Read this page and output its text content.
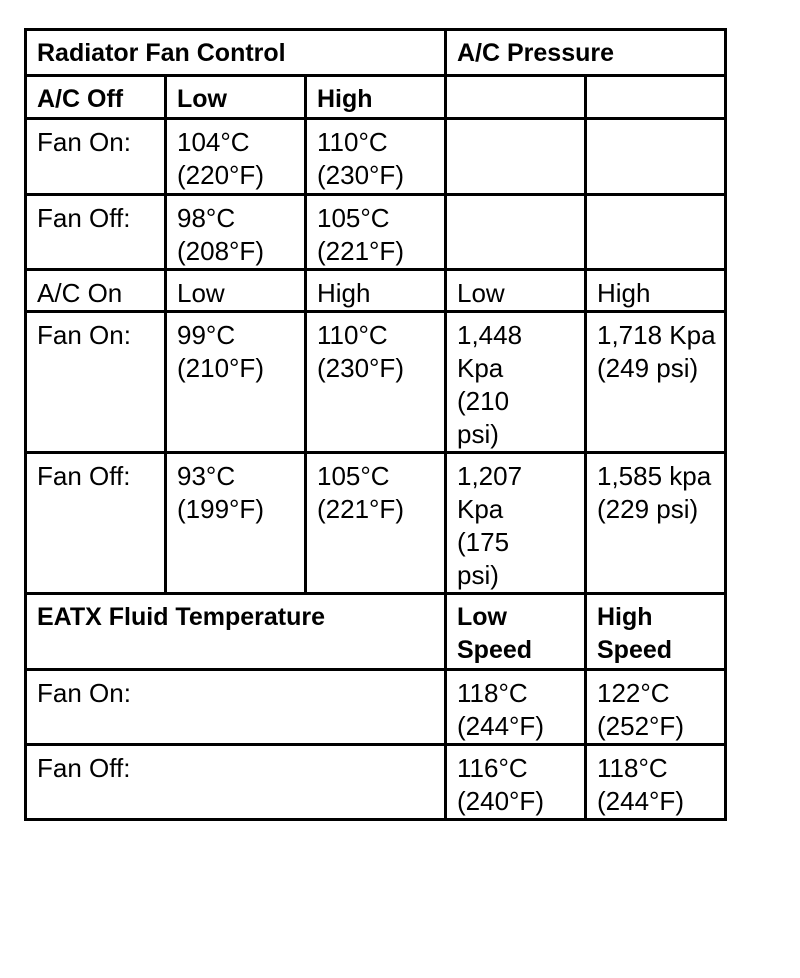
Radiator Fan Control			A/C Pressure	
A/C Off	Low	High		
Fan On:	104°C (220°F)	110°C (230°F)		
Fan Off:	98°C (208°F)	105°C (221°F)		
A/C On	Low	High	Low	High
Fan On:	99°C (210°F)	110°C (230°F)	1,448 Kpa (210 psi)	1,718 Kpa (249 psi)
Fan Off:	93°C (199°F)	105°C (221°F)	1,207 Kpa (175 psi)	1,585 kpa (229 psi)
EATX Fluid Temperature			Low Speed	High Speed
Fan On:			118°C (244°F)	122°C (252°F)
Fan Off:			116°C (240°F)	118°C (244°F)
